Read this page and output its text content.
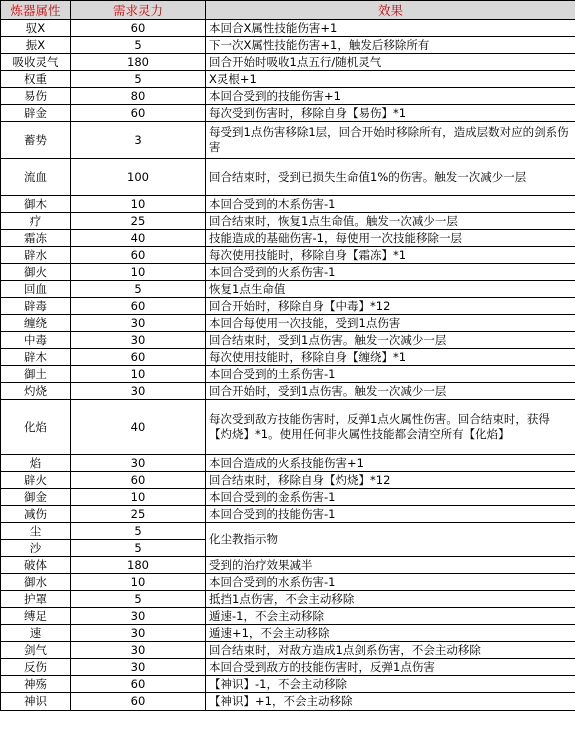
炼器属性	需求灵力	效果
驭X	60	本回合X属性技能伤害+1
振X	5	下一次X属性技能伤害+1，触发后移除所有
吸收灵气	180	回合开始时吸收1点五行/随机灵气
权重	5	X灵根+1
易伤	80	本回合受到的技能伤害+1
辟金	60	每次受到伤害时，移除自身【易伤】*1
蓄势	3	每受到1点伤害移除1层，回合开始时移除所有，造成层数对应的剑系伤害
流血	100	回合结束时，受到已损失生命值1%的伤害。触发一次减少一层
御木	10	本回合受到的木系伤害-1
疗	25	回合结束时，恢复1点生命值。触发一次减少一层
霜冻	40	技能造成的基础伤害-1，每使用一次技能移除一层
辟水	60	每次使用技能时，移除自身【霜冻】*1
御火	10	本回合受到的火系伤害-1
回血	5	恢复1点生命值
辟毒	60	回合开始时，移除自身【中毒】*12
缠绕	30	本回合每使用一次技能，受到1点伤害
中毒	30	回合结束时，受到1点伤害。触发一次减少一层
辟木	60	每次使用技能时，移除自身【缠绕】*1
御土	10	本回合受到的土系伤害-1
灼烧	30	回合开始时，受到1点伤害。触发一次减少一层
化焰	40	每次受到敌方技能伤害时，反弹1点火属性伤害。回合结束时，获得【灼烧】*1。使用任何非火属性技能都会清空所有【化焰】
焰	30	本回合造成的火系技能伤害+1
辟火	60	回合结束时，移除自身【灼烧】*12
御金	10	本回合受到的金系伤害-1
减伤	25	本回合受到的技能伤害-1
尘	5	化尘教指示物
沙	5	
破体	180	受到的治疗效果减半
御水	10	本回合受到的水系伤害-1
护罩	5	抵挡1点伤害，不会主动移除
缚足	30	遁速-1，不会主动移除
速	30	遁速+1，不会主动移除
剑气	30	回合结束时，对敌方造成1点剑系伤害，不会主动移除
反伤	30	本回合受到敌方的技能伤害时，反弹1点伤害
神殇	60	【神识】-1，不会主动移除
神识	60	【神识】+1，不会主动移除
